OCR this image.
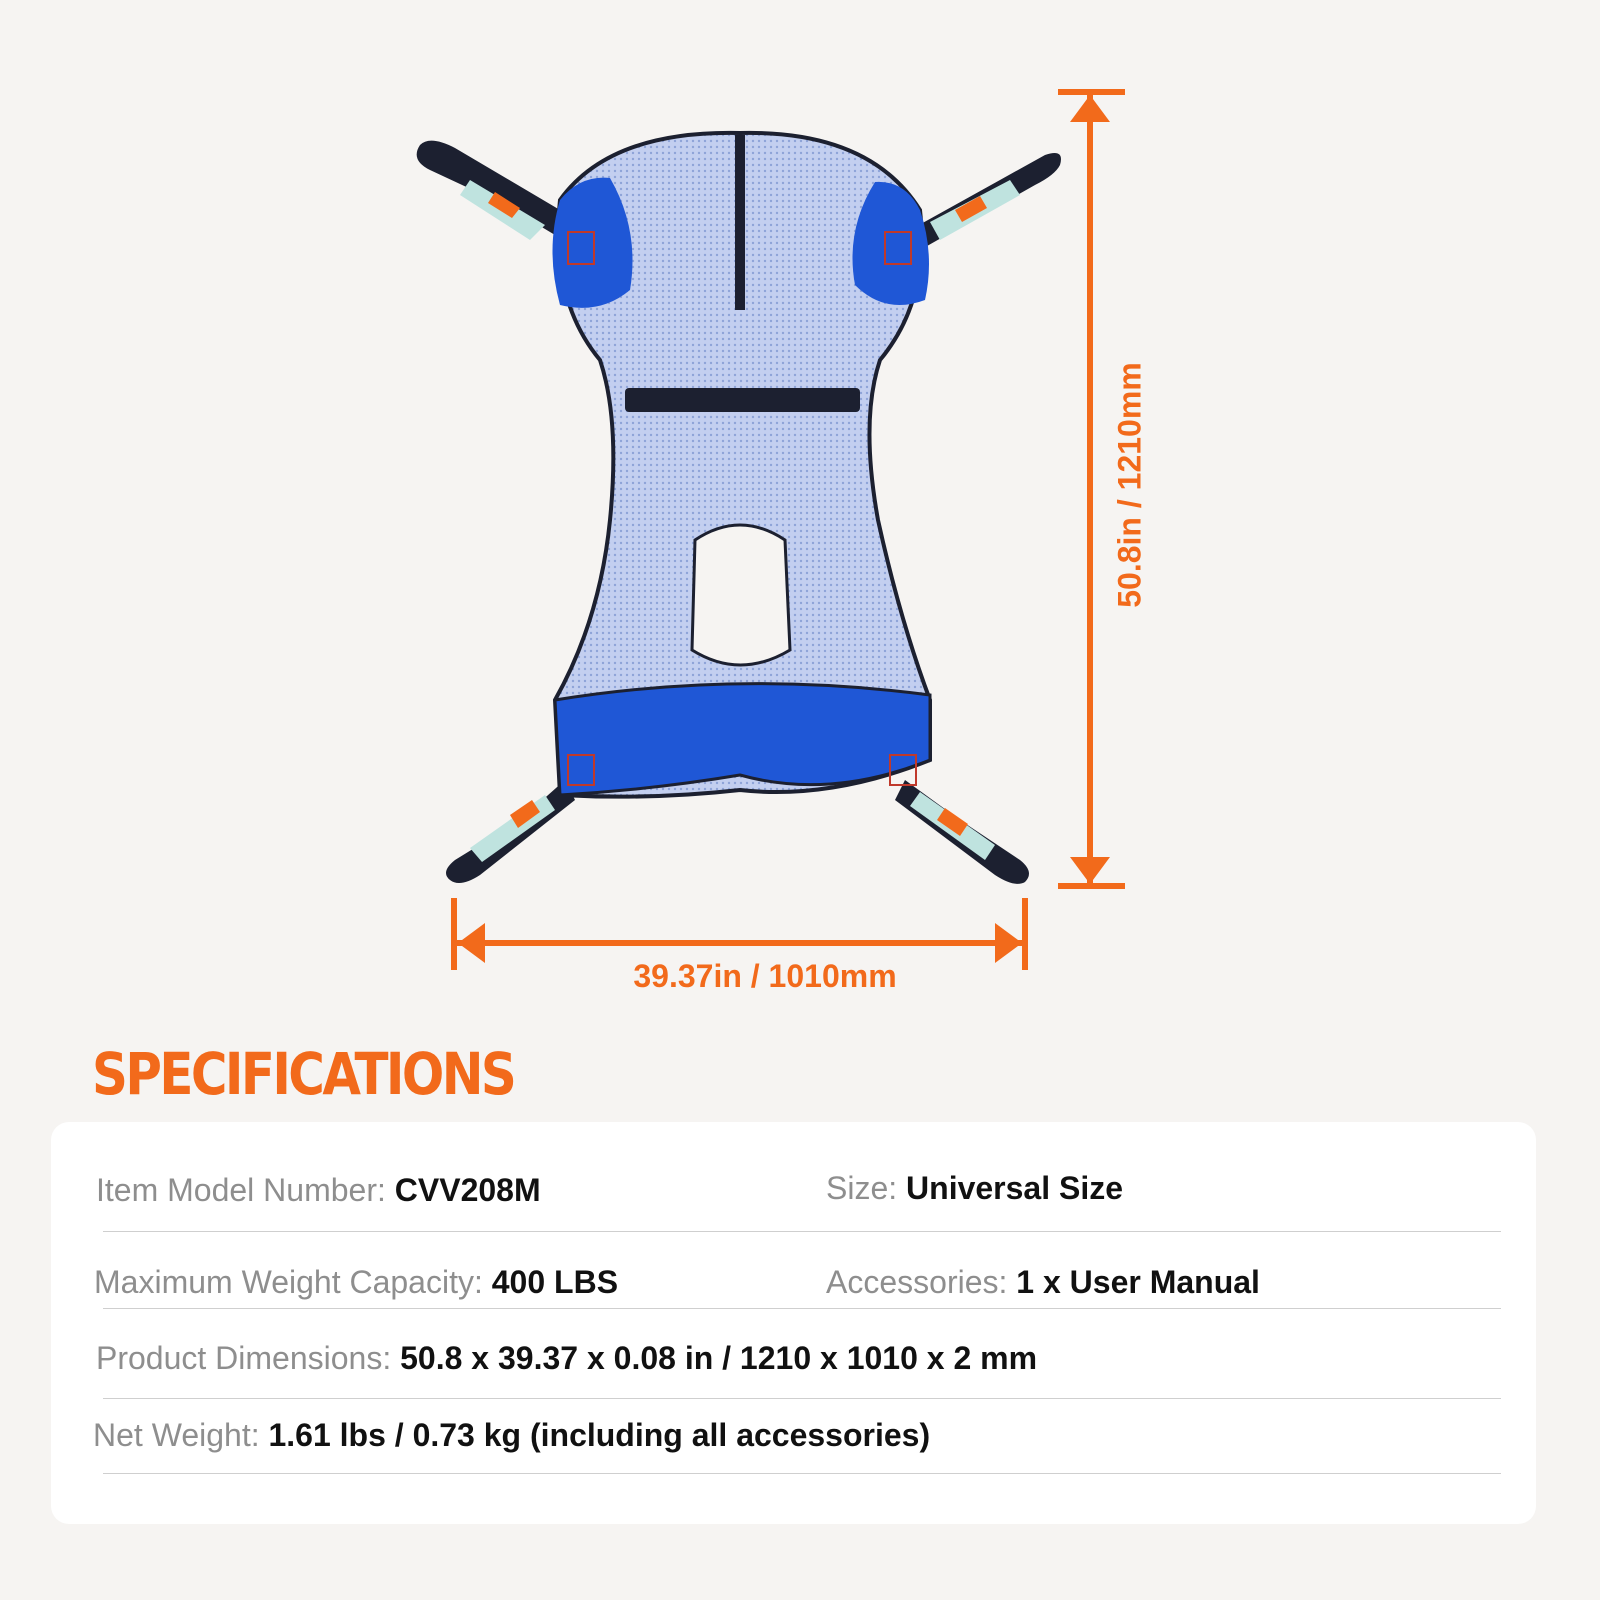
39.37in / 1010mm
50.8in / 1210mm
SPECIFICATIONS
Item Model Number: CVV208M	Size: Universal Size
Maximum Weight Capacity: 400 LBS	Accessories: 1 x User Manual
Product Dimensions: 50.8 x 39.37 x 0.08 in / 1210 x 1010 x 2 mm
Net Weight: 1.61 lbs / 0.73 kg (including all accessories)
